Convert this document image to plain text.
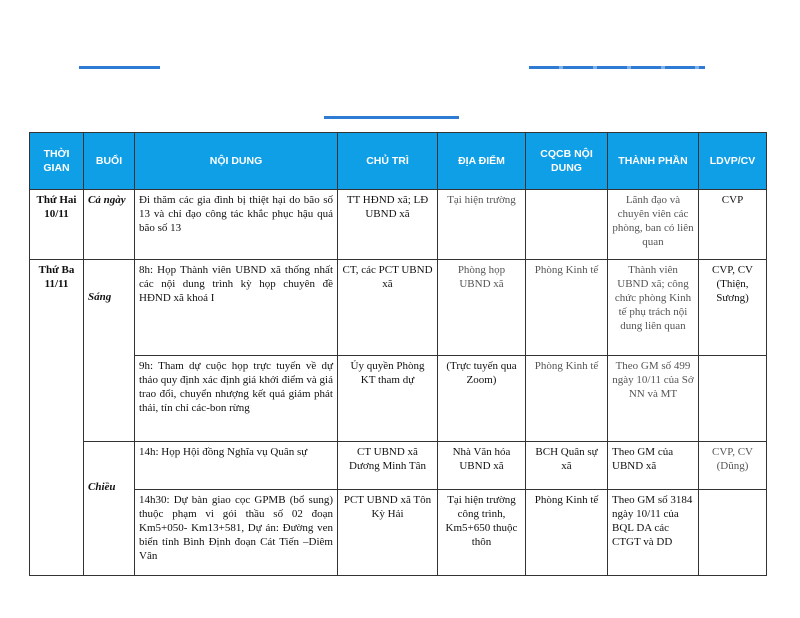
THỜI GIAN	BUỔI	NỘI DUNG	CHỦ TRÌ	ĐỊA ĐIỂM	CQCB NỘI DUNG	THÀNH PHẦN	LDVP/CV
Thứ Hai
10/11	Cả ngày	Đi thăm các gia đình bị thiệt hại do bão số 13 và chỉ đạo công tác khắc phục hậu quả bão số 13	TT HĐND xã; LĐ UBND xã	Tại hiện trường		Lãnh đạo và chuyên viên các phòng, ban có liên quan	CVP
Thứ Ba
11/11	Sáng	8h: Họp Thành viên UBND xã thống nhất các nội dung trình kỳ họp chuyên đề HĐND xã khoá I	CT, các PCT UBND xã	Phòng họp UBND xã	Phòng Kinh tế	Thành viên UBND xã; công chức phòng Kinh tế phụ trách nội dung liên quan	CVP, CV (Thiện, Sương)
		9h: Tham dự cuộc họp trực tuyến về dự thảo quy định xác định giá khởi điểm và giá trao đổi, chuyển nhượng kết quả giảm phát thải, tín chỉ các-bon rừng	Ủy quyền Phòng KT tham dự	(Trực tuyến qua Zoom)	Phòng Kinh tế	Theo GM số 499 ngày 10/11 của Sở NN và MT	
	Chiều	14h: Họp Hội đồng Nghĩa vụ Quân sự	CT UBND xã Dương Minh Tân	Nhà Văn hóa UBND xã	BCH Quân sự xã	Theo GM của UBND xã	CVP, CV (Dũng)
		14h30: Dự bàn giao cọc GPMB (bổ sung) thuộc phạm vi gói thầu số 02 đoạn Km5+050- Km13+581, Dự án: Đường ven biển tỉnh Bình Định đoạn Cát Tiến –Diêm Vân	PCT UBND xã Tôn Kỳ Hải	Tại hiện trường công trình, Km5+650 thuộc thôn	Phòng Kinh tế	Theo GM số 3184 ngày 10/11 của BQL DA các CTGT và DD	
